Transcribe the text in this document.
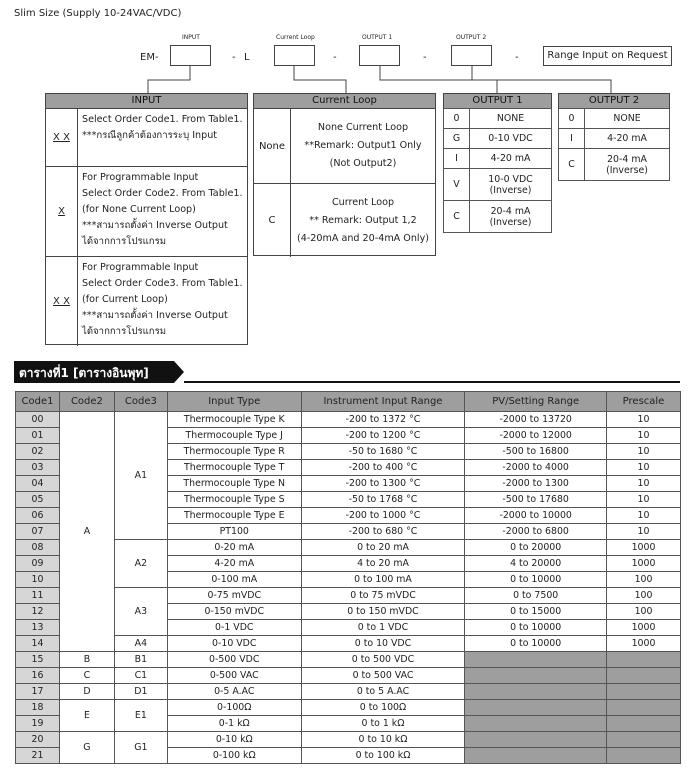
Slim Size (Supply 10-24VAC/VDC)
INPUT	Current Loop	OUTPUT 1	OUTPUT 2
EM-	- L	-	-	-	Range Input on Request
INPUT
X X
Select Order Code1. From Table1.
***กรณีลูกค้าต้องการระบุ Input
X
For Programmable Input
Select Order Code2. From Table1.
(for None Current Loop)
***สามารถตั้งค่า Inverse Output
ได้จากการโปรแกรม
X X
For Programmable Input
Select Order Code3. From Table1.
(for Current Loop)
***สามารถตั้งค่า Inverse Output
ได้จากการโปรแกรม
Current Loop
None
None Current Loop
**Remark: Output1 Only
(Not Output2)
C
Current Loop
** Remark: Output 1,2
(4-20mA and 20-4mA Only)
OUTPUT 1
0	NONE
G	0-10 VDC
I	4-20 mA
V	10-0 VDC (Inverse)
C	20-4 mA (Inverse)
OUTPUT 2
0	NONE
I	4-20 mA
C	20-4 mA (Inverse)
ตารางที่1 [ตารางอินพุท]
Code1	Code2	Code3	Input Type	Instrument Input Range	PV/Setting Range	Prescale
00	A	A1	Thermocouple Type K	-200 to 1372 °C	-2000 to 13720	10
01			Thermocouple Type J	-200 to 1200 °C	-2000 to 12000	10
02			Thermocouple Type R	-50 to 1680 °C	-500 to 16800	10
03			Thermocouple Type T	-200 to 400 °C	-2000 to 4000	10
04			Thermocouple Type N	-200 to 1300 °C	-2000 to 1300	10
05			Thermocouple Type S	-50 to 1768 °C	-500 to 17680	10
06			Thermocouple Type E	-200 to 1000 °C	-2000 to 10000	10
07			PT100	-200 to 680 °C	-2000 to 6800	10
08		A2	0-20 mA	0 to 20 mA	0 to 20000	1000
09			4-20 mA	4 to 20 mA	4 to 20000	1000
10			0-100 mA	0 to 100 mA	0 to 10000	100
11		A3	0-75 mVDC	0 to 75 mVDC	0 to 7500	100
12			0-150 mVDC	0 to 150 mVDC	0 to 15000	100
13			0-1 VDC	0 to 1 VDC	0 to 10000	1000
14		A4	0-10 VDC	0 to 10 VDC	0 to 10000	1000
15	B	B1	0-500 VDC	0 to 500 VDC		
16	C	C1	0-500 VAC	0 to 500 VAC		
17	D	D1	0-5 A.AC	0 to 5 A.AC		
18	E	E1	0-100Ω	0 to 100Ω		
19			0-1 kΩ	0 to 1 kΩ		
20	G	G1	0-10 kΩ	0 to 10 kΩ		
21			0-100 kΩ	0 to 100 kΩ		
